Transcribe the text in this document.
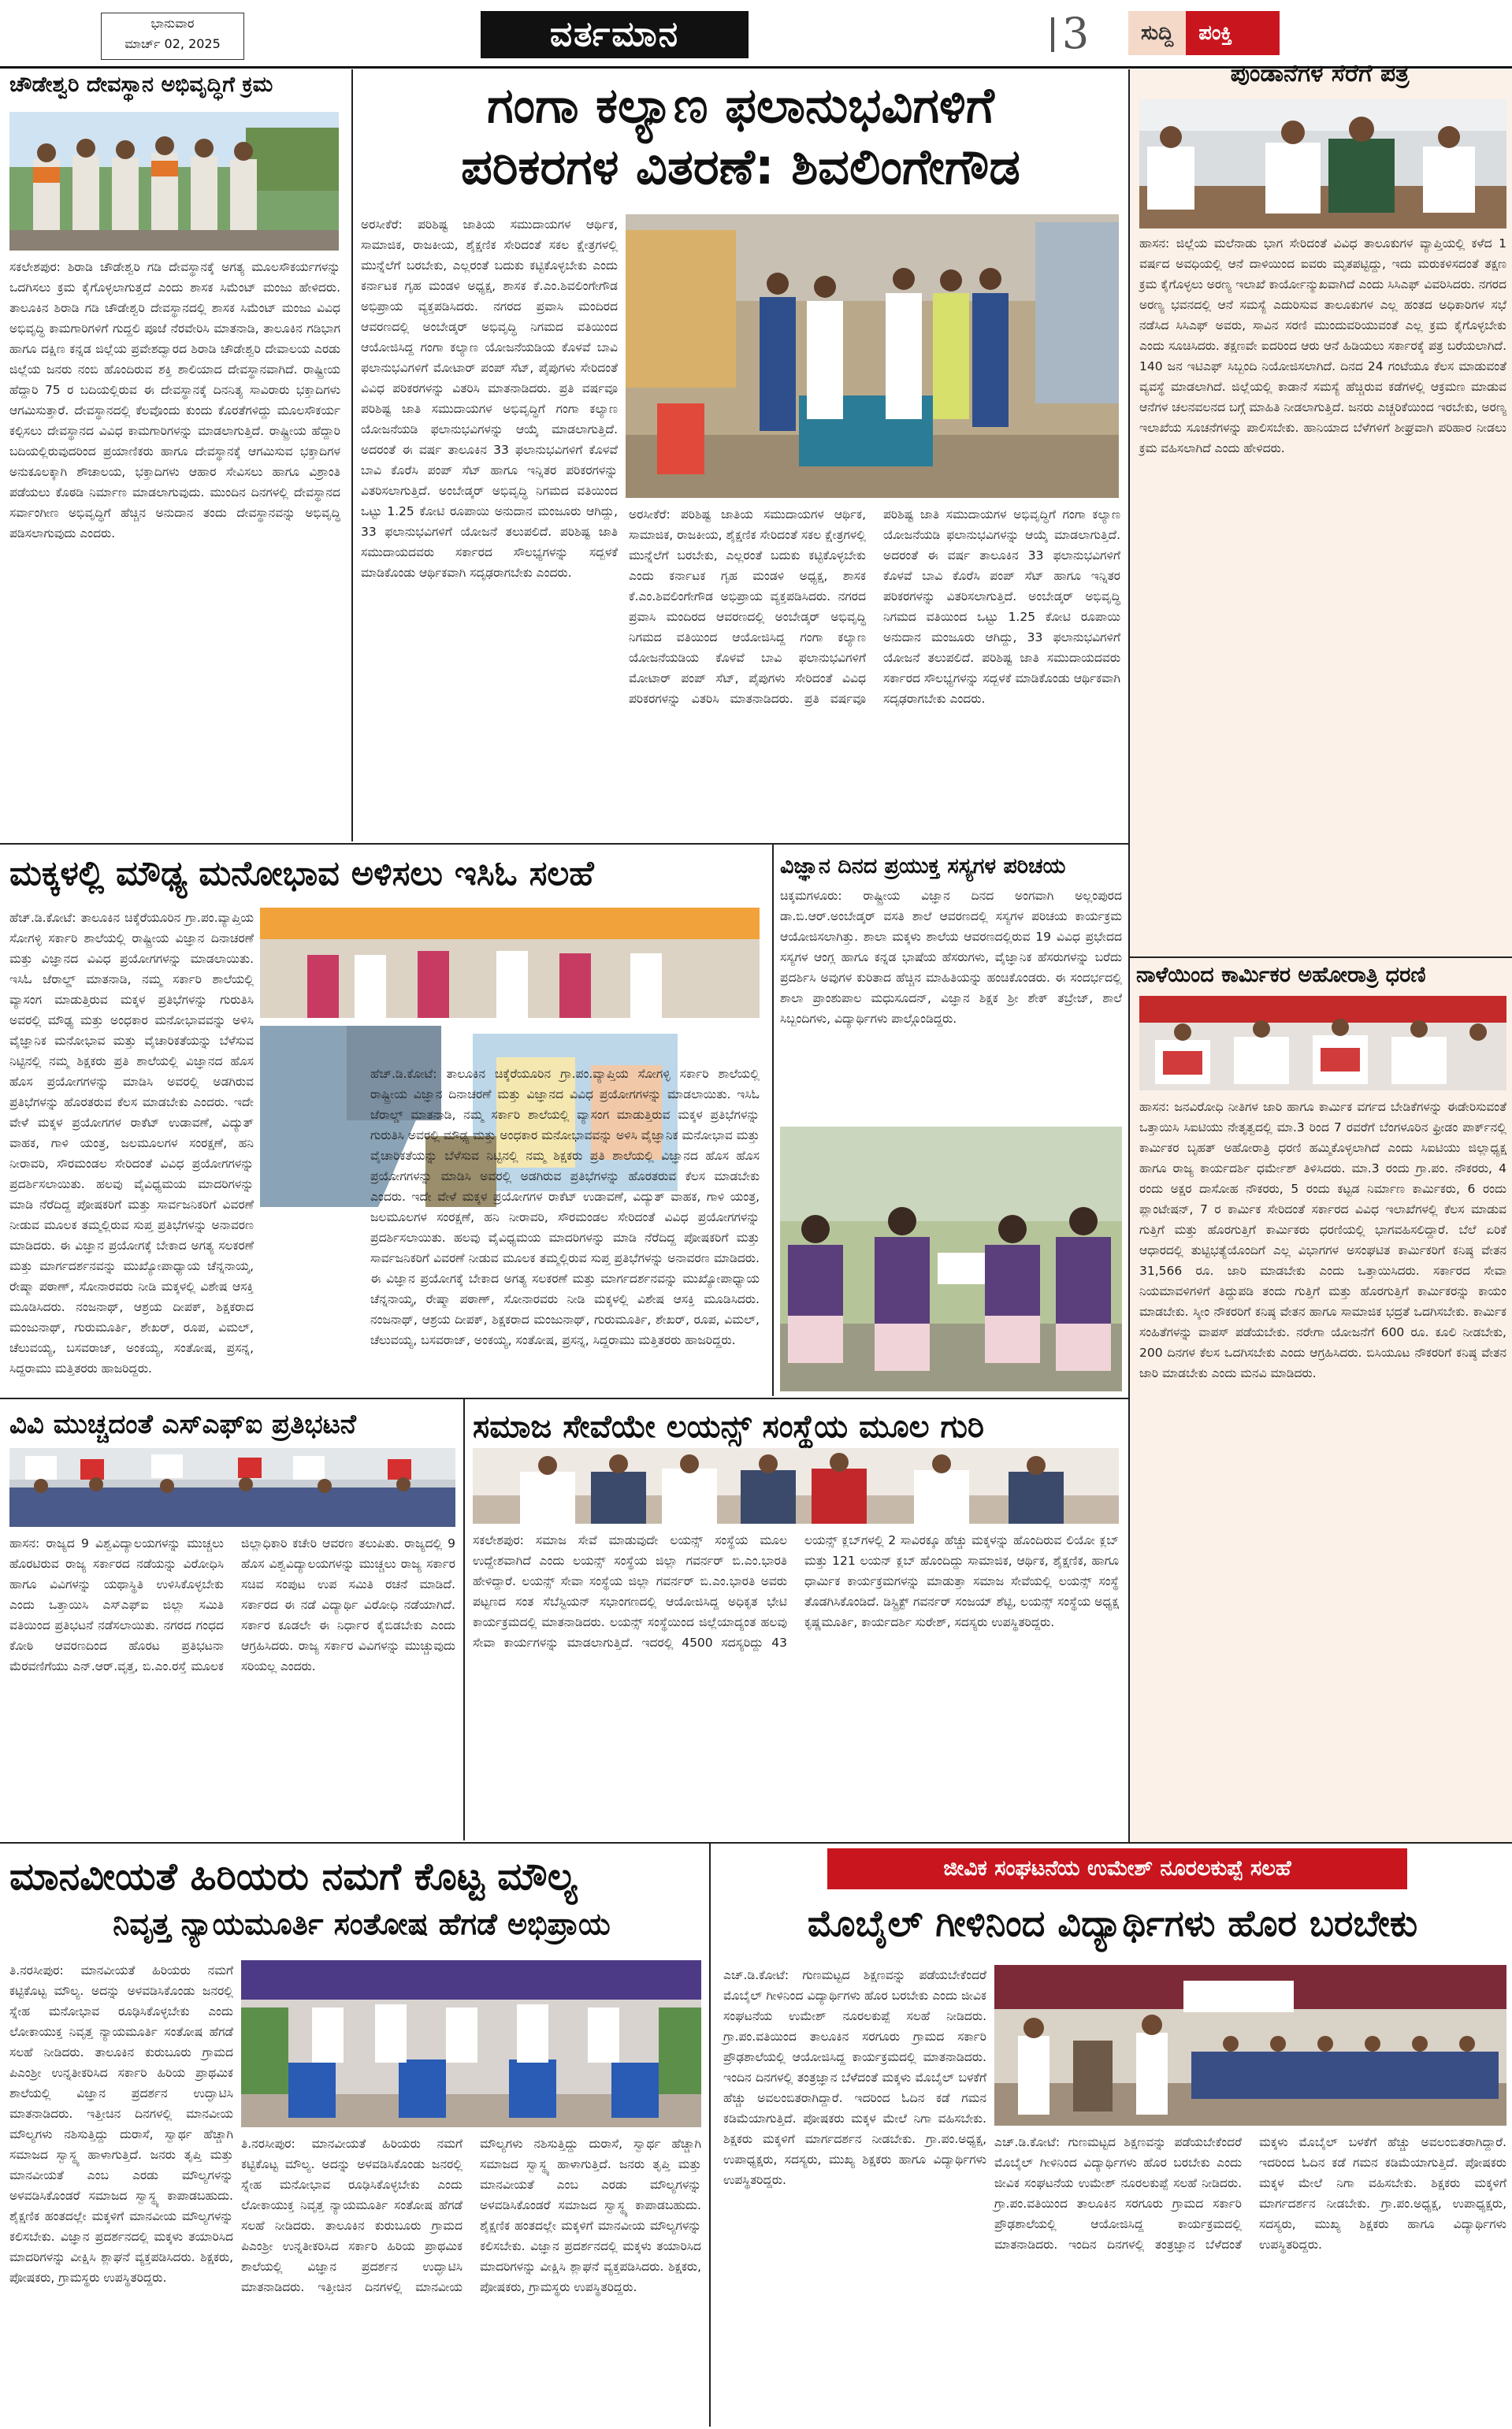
ಭಾನುವಾರ
ಮಾರ್ಚ್ 02, 2025	ವರ್ತಮಾನ	3	ಸುದ್ದಿ	ಪಂಕ್ತಿ
ಚೌಡೇಶ್ವರಿ ದೇವಸ್ಥಾನ ಅಭಿವೃದ್ಧಿಗೆ ಕ್ರಮ
ಸಕಲೇಶಪುರ: ಶಿರಾಡಿ ಚೌಡೇಶ್ವರಿ ಗಡಿ ದೇವಸ್ಥಾನಕ್ಕೆ ಅಗತ್ಯ ಮೂಲಸೌಕರ್ಯಗಳನ್ನು ಒದಗಿಸಲು ಕ್ರಮ ಕೈಗೊಳ್ಳಲಾಗುತ್ತದೆ ಎಂದು ಶಾಸಕ ಸಿಮೆಂಟ್ ಮಂಜು ಹೇಳಿದರು. ತಾಲೂಕಿನ ಶಿರಾಡಿ ಗಡಿ ಚೌಡೇಶ್ವರಿ ದೇವಸ್ಥಾನದಲ್ಲಿ ಶಾಸಕ ಸಿಮೆಂಟ್ ಮಂಜು ವಿವಿಧ ಅಭಿವೃದ್ಧಿ ಕಾಮಗಾರಿಗಳಿಗೆ ಗುದ್ದಲಿ ಪೂಜೆ ನೆರವೇರಿಸಿ ಮಾತನಾಡಿ, ತಾಲೂಕಿನ ಗಡಿಭಾಗ ಹಾಗೂ ದಕ್ಷಿಣ ಕನ್ನಡ ಜಿಲ್ಲೆಯ ಪ್ರವೇಶದ್ವಾರದ ಶಿರಾಡಿ ಚೌಡೇಶ್ವರಿ ದೇವಾಲಯ ಎರಡು ಜಿಲ್ಲೆಯ ಜನರು ನಂಬಿ ಹೊಂದಿರುವ ಶಕ್ತಿ ಶಾಲಿಯಾದ ದೇವಸ್ಥಾನವಾಗಿದೆ. ರಾಷ್ಟ್ರೀಯ ಹೆದ್ದಾರಿ 75 ರ ಬದಿಯಲ್ಲಿರುವ ಈ ದೇವಸ್ಥಾನಕ್ಕೆ ದಿನನಿತ್ಯ ಸಾವಿರಾರು ಭಕ್ತಾದಿಗಳು ಆಗಮಿಸುತ್ತಾರೆ. ದೇವಸ್ಥಾನದಲ್ಲಿ ಕೆಲವೊಂದು ಕುಂದು ಕೊರತೆಗಳಿದ್ದು ಮೂಲಸೌಕರ್ಯ ಕಲ್ಪಿಸಲು ದೇವಸ್ಥಾನದ ವಿವಿಧ ಕಾಮಗಾರಿಗಳನ್ನು ಮಾಡಲಾಗುತ್ತಿದೆ. ರಾಷ್ಟ್ರೀಯ ಹೆದ್ದಾರಿ ಬದಿಯಲ್ಲಿರುವುದರಿಂದ ಪ್ರಯಾಣಿಕರು ಹಾಗೂ ದೇವಸ್ಥಾನಕ್ಕೆ ಆಗಮಿಸುವ ಭಕ್ತಾದಿಗಳ ಅನುಕೂಲಕ್ಕಾಗಿ ಶೌಚಾಲಯ, ಭಕ್ತಾದಿಗಳು ಆಹಾರ ಸೇವಿಸಲು ಹಾಗೂ ವಿಶ್ರಾಂತಿ ಪಡೆಯಲು ಕೊಠಡಿ ನಿರ್ಮಾಣ ಮಾಡಲಾಗುವುದು. ಮುಂದಿನ ದಿನಗಳಲ್ಲಿ ದೇವಸ್ಥಾನದ ಸರ್ವಾಂಗೀಣ ಅಭಿವೃದ್ಧಿಗೆ ಹೆಚ್ಚಿನ ಅನುದಾನ ತಂದು ದೇವಸ್ಥಾನವನ್ನು ಅಭಿವೃದ್ಧಿ ಪಡಿಸಲಾಗುವುದು ಎಂದರು.
ಗಂಗಾ ಕಲ್ಯಾಣ ಫಲಾನುಭವಿಗಳಿಗೆ
ಪರಿಕರಗಳ ವಿತರಣೆ: ಶಿವಲಿಂಗೇಗೌಡ
ಅರಸೀಕೆರೆ: ಪರಿಶಿಷ್ಟ ಜಾತಿಯ ಸಮುದಾಯಗಳ ಆರ್ಥಿಕ, ಸಾಮಾಜಿಕ, ರಾಜಕೀಯ, ಶೈಕ್ಷಣಿಕ ಸೇರಿದಂತೆ ಸಕಲ ಕ್ಷೇತ್ರಗಳಲ್ಲಿ ಮುನ್ನೆಲೆಗೆ ಬರಬೇಕು, ಎಲ್ಲರಂತೆ ಬದುಕು ಕಟ್ಟಿಕೊಳ್ಳಬೇಕು ಎಂದು ಕರ್ನಾಟಕ ಗೃಹ ಮಂಡಳಿ ಅಧ್ಯಕ್ಷ, ಶಾಸಕ ಕೆ.ಎಂ.ಶಿವಲಿಂಗೇಗೌಡ ಅಭಿಪ್ರಾಯ ವ್ಯಕ್ತಪಡಿಸಿದರು. ನಗರದ ಪ್ರವಾಸಿ ಮಂದಿರದ ಆವರಣದಲ್ಲಿ ಅಂಬೇಡ್ಕರ್ ಅಭಿವೃದ್ಧಿ ನಿಗಮದ ವತಿಯಿಂದ ಆಯೋಜಿಸಿದ್ದ ಗಂಗಾ ಕಲ್ಯಾಣ ಯೋಜನೆಯಡಿಯ ಕೊಳವೆ ಬಾವಿ ಫಲಾನುಭವಿಗಳಿಗೆ ಮೋಟಾರ್ ಪಂಪ್ ಸೆಟ್, ಪೈಪುಗಳು ಸೇರಿದಂತೆ ವಿವಿಧ ಪರಿಕರಗಳನ್ನು ವಿತರಿಸಿ ಮಾತನಾಡಿದರು. ಪ್ರತಿ ವರ್ಷವೂ ಪರಿಶಿಷ್ಟ ಜಾತಿ ಸಮುದಾಯಗಳ ಅಭಿವೃದ್ಧಿಗೆ ಗಂಗಾ ಕಲ್ಯಾಣ ಯೋಜನೆಯಡಿ ಫಲಾನುಭವಿಗಳನ್ನು ಆಯ್ಕೆ ಮಾಡಲಾಗುತ್ತಿದೆ. ಅದರಂತೆ ಈ ವರ್ಷ ತಾಲೂಕಿನ 33 ಫಲಾನುಭವಿಗಳಿಗೆ ಕೊಳವೆ ಬಾವಿ ಕೊರೆಸಿ ಪಂಪ್ ಸೆಟ್ ಹಾಗೂ ಇನ್ನಿತರ ಪರಿಕರಗಳನ್ನು ವಿತರಿಸಲಾಗುತ್ತಿದೆ. ಅಂಬೇಡ್ಕರ್ ಅಭಿವೃದ್ಧಿ ನಿಗಮದ ವತಿಯಿಂದ ಒಟ್ಟು 1.25 ಕೋಟಿ ರೂಪಾಯಿ ಅನುದಾನ ಮಂಜೂರು ಆಗಿದ್ದು, 33 ಫಲಾನುಭವಿಗಳಿಗೆ ಯೋಜನೆ ತಲುಪಲಿದೆ. ಪರಿಶಿಷ್ಟ ಜಾತಿ ಸಮುದಾಯದವರು ಸರ್ಕಾರದ ಸೌಲಭ್ಯಗಳನ್ನು ಸದ್ಬಳಕೆ ಮಾಡಿಕೊಂಡು ಆರ್ಥಿಕವಾಗಿ ಸದೃಢರಾಗಬೇಕು ಎಂದರು.
ಅರಸೀಕೆರೆ: ಪರಿಶಿಷ್ಟ ಜಾತಿಯ ಸಮುದಾಯಗಳ ಆರ್ಥಿಕ, ಸಾಮಾಜಿಕ, ರಾಜಕೀಯ, ಶೈಕ್ಷಣಿಕ ಸೇರಿದಂತೆ ಸಕಲ ಕ್ಷೇತ್ರಗಳಲ್ಲಿ ಮುನ್ನೆಲೆಗೆ ಬರಬೇಕು, ಎಲ್ಲರಂತೆ ಬದುಕು ಕಟ್ಟಿಕೊಳ್ಳಬೇಕು ಎಂದು ಕರ್ನಾಟಕ ಗೃಹ ಮಂಡಳಿ ಅಧ್ಯಕ್ಷ, ಶಾಸಕ ಕೆ.ಎಂ.ಶಿವಲಿಂಗೇಗೌಡ ಅಭಿಪ್ರಾಯ ವ್ಯಕ್ತಪಡಿಸಿದರು. ನಗರದ ಪ್ರವಾಸಿ ಮಂದಿರದ ಆವರಣದಲ್ಲಿ ಅಂಬೇಡ್ಕರ್ ಅಭಿವೃದ್ಧಿ ನಿಗಮದ ವತಿಯಿಂದ ಆಯೋಜಿಸಿದ್ದ ಗಂಗಾ ಕಲ್ಯಾಣ ಯೋಜನೆಯಡಿಯ ಕೊಳವೆ ಬಾವಿ ಫಲಾನುಭವಿಗಳಿಗೆ ಮೋಟಾರ್ ಪಂಪ್ ಸೆಟ್, ಪೈಪುಗಳು ಸೇರಿದಂತೆ ವಿವಿಧ ಪರಿಕರಗಳನ್ನು ವಿತರಿಸಿ ಮಾತನಾಡಿದರು. ಪ್ರತಿ ವರ್ಷವೂ ಪರಿಶಿಷ್ಟ ಜಾತಿ ಸಮುದಾಯಗಳ ಅಭಿವೃದ್ಧಿಗೆ ಗಂಗಾ ಕಲ್ಯಾಣ ಯೋಜನೆಯಡಿ ಫಲಾನುಭವಿಗಳನ್ನು ಆಯ್ಕೆ ಮಾಡಲಾಗುತ್ತಿದೆ. ಅದರಂತೆ ಈ ವರ್ಷ ತಾಲೂಕಿನ 33 ಫಲಾನುಭವಿಗಳಿಗೆ ಕೊಳವೆ ಬಾವಿ ಕೊರೆಸಿ ಪಂಪ್ ಸೆಟ್ ಹಾಗೂ ಇನ್ನಿತರ ಪರಿಕರಗಳನ್ನು ವಿತರಿಸಲಾಗುತ್ತಿದೆ. ಅಂಬೇಡ್ಕರ್ ಅಭಿವೃದ್ಧಿ ನಿಗಮದ ವತಿಯಿಂದ ಒಟ್ಟು 1.25 ಕೋಟಿ ರೂಪಾಯಿ ಅನುದಾನ ಮಂಜೂರು ಆಗಿದ್ದು, 33 ಫಲಾನುಭವಿಗಳಿಗೆ ಯೋಜನೆ ತಲುಪಲಿದೆ. ಪರಿಶಿಷ್ಟ ಜಾತಿ ಸಮುದಾಯದವರು ಸರ್ಕಾರದ ಸೌಲಭ್ಯಗಳನ್ನು ಸದ್ಬಳಕೆ ಮಾಡಿಕೊಂಡು ಆರ್ಥಿಕವಾಗಿ ಸದೃಢರಾಗಬೇಕು ಎಂದರು.
ಪುಂಡಾನೆಗಳ ಸೆರೆಗೆ ಪತ್ರ
ಹಾಸನ: ಜಿಲ್ಲೆಯ ಮಲೆನಾಡು ಭಾಗ ಸೇರಿದಂತೆ ವಿವಿಧ ತಾಲೂಕುಗಳ ವ್ಯಾಪ್ತಿಯಲ್ಲಿ ಕಳೆದ 1 ವರ್ಷದ ಅವಧಿಯಲ್ಲಿ ಆನೆ ದಾಳಿಯಿಂದ ಐವರು ಮೃತಪಟ್ಟಿದ್ದು, ಇದು ಮರುಕಳಿಸದಂತೆ ತಕ್ಷಣ ಕ್ರಮ ಕೈಗೊಳ್ಳಲು ಅರಣ್ಯ ಇಲಾಖೆ ಕಾರ್ಯೋನ್ಮುಖವಾಗಿದೆ ಎಂದು ಸಿಸಿಎಫ್ ವಿವರಿಸಿದರು. ನಗರದ ಅರಣ್ಯ ಭವನದಲ್ಲಿ ಆನೆ ಸಮಸ್ಯೆ ಎದುರಿಸುವ ತಾಲೂಕುಗಳ ಎಲ್ಲ ಹಂತದ ಅಧಿಕಾರಿಗಳ ಸಭೆ ನಡೆಸಿದ ಸಿಸಿಎಫ್ ಅವರು, ಸಾವಿನ ಸರಣಿ ಮುಂದುವರಿಯುವಂತೆ ಎಲ್ಲ ಕ್ರಮ ಕೈಗೊಳ್ಳಬೇಕು ಎಂದು ಸೂಚಿಸಿದರು. ತಕ್ಷಣವೇ ಐದರಿಂದ ಆರು ಆನೆ ಹಿಡಿಯಲು ಸರ್ಕಾರಕ್ಕೆ ಪತ್ರ ಬರೆಯಲಾಗಿದೆ. 140 ಜನ ಇಟಿಎಫ್ ಸಿಬ್ಬಂದಿ ನಿಯೋಜಿಸಲಾಗಿದೆ. ದಿನದ 24 ಗಂಟೆಯೂ ಕೆಲಸ ಮಾಡುವಂತೆ ವ್ಯವಸ್ಥೆ ಮಾಡಲಾಗಿದೆ. ಜಿಲ್ಲೆಯಲ್ಲಿ ಕಾಡಾನೆ ಸಮಸ್ಯೆ ಹೆಚ್ಚಿರುವ ಕಡೆಗಳಲ್ಲಿ ಆಕ್ರಮಣ ಮಾಡುವ ಆನೆಗಳ ಚಲನವಲನದ ಬಗ್ಗೆ ಮಾಹಿತಿ ನೀಡಲಾಗುತ್ತಿದೆ. ಜನರು ಎಚ್ಚರಿಕೆಯಿಂದ ಇರಬೇಕು, ಅರಣ್ಯ ಇಲಾಖೆಯ ಸೂಚನೆಗಳನ್ನು ಪಾಲಿಸಬೇಕು. ಹಾನಿಯಾದ ಬೆಳೆಗಳಿಗೆ ಶೀಘ್ರವಾಗಿ ಪರಿಹಾರ ನೀಡಲು ಕ್ರಮ ವಹಿಸಲಾಗಿದೆ ಎಂದು ಹೇಳಿದರು.
ನಾಳೆಯಿಂದ ಕಾರ್ಮಿಕರ ಅಹೋರಾತ್ರಿ ಧರಣಿ
ಹಾಸನ: ಜನವಿರೋಧಿ ನೀತಿಗಳ ಜಾರಿ ಹಾಗೂ ಕಾರ್ಮಿಕ ವರ್ಗದ ಬೇಡಿಕೆಗಳನ್ನು ಈಡೇರಿಸುವಂತೆ ಒತ್ತಾಯಿಸಿ ಸಿಐಟಿಯು ನೇತೃತ್ವದಲ್ಲಿ ಮಾ.3 ರಿಂದ 7 ರವರೆಗೆ ಬೆಂಗಳೂರಿನ ಫ್ರೀಡಂ ಪಾರ್ಕ್‌ನಲ್ಲಿ ಕಾರ್ಮಿಕರ ಬೃಹತ್ ಅಹೋರಾತ್ರಿ ಧರಣಿ ಹಮ್ಮಿಕೊಳ್ಳಲಾಗಿದೆ ಎಂದು ಸಿಐಟಿಯು ಜಿಲ್ಲಾಧ್ಯಕ್ಷ ಹಾಗೂ ರಾಜ್ಯ ಕಾರ್ಯದರ್ಶಿ ಧರ್ಮೇಶ್ ತಿಳಿಸಿದರು. ಮಾ.3 ರಂದು ಗ್ರಾ.ಪಂ. ನೌಕರರು, 4 ರಂದು ಅಕ್ಷರ ದಾಸೋಹ ನೌಕರರು, 5 ರಂದು ಕಟ್ಟಡ ನಿರ್ಮಾಣ ಕಾರ್ಮಿಕರು, 6 ರಂದು ಪ್ಲಾಂಟೇಷನ್, 7 ರ ಕಾರ್ಮಿಕ ಸೇರಿದಂತೆ ಸರ್ಕಾರದ ವಿವಿಧ ಇಲಾಖೆಗಳಲ್ಲಿ ಕೆಲಸ ಮಾಡುವ ಗುತ್ತಿಗೆ ಮತ್ತು ಹೊರಗುತ್ತಿಗೆ ಕಾರ್ಮಿಕರು ಧರಣಿಯಲ್ಲಿ ಭಾಗವಹಿಸಲಿದ್ದಾರೆ. ಬೆಲೆ ಏರಿಕೆ ಆಧಾರದಲ್ಲಿ ತುಟ್ಟಿಭತ್ಯೆಯೊಂದಿಗೆ ಎಲ್ಲ ವಿಭಾಗಗಳ ಅಸಂಘಟಿತ ಕಾರ್ಮಿಕರಿಗೆ ಕನಿಷ್ಠ ವೇತನ 31,566 ರೂ. ಜಾರಿ ಮಾಡಬೇಕು ಎಂದು ಒತ್ತಾಯಿಸಿದರು. ಸರ್ಕಾರದ ಸೇವಾ ನಿಯಮಾವಳಿಗಳಿಗೆ ತಿದ್ದುಪಡಿ ತಂದು ಗುತ್ತಿಗೆ ಮತ್ತು ಹೊರಗುತ್ತಿಗೆ ಕಾರ್ಮಿಕರನ್ನು ಕಾಯಂ ಮಾಡಬೇಕು. ಸ್ಕೀಂ ನೌಕರರಿಗೆ ಕನಿಷ್ಠ ವೇತನ ಹಾಗೂ ಸಾಮಾಜಿಕ ಭದ್ರತೆ ಒದಗಿಸಬೇಕು. ಕಾರ್ಮಿಕ ಸಂಹಿತೆಗಳನ್ನು ವಾಪಸ್ ಪಡೆಯಬೇಕು. ನರೇಗಾ ಯೋಜನೆಗೆ 600 ರೂ. ಕೂಲಿ ನೀಡಬೇಕು, 200 ದಿನಗಳ ಕೆಲಸ ಒದಗಿಸಬೇಕು ಎಂದು ಆಗ್ರಹಿಸಿದರು. ಬಿಸಿಯೂಟ ನೌಕರರಿಗೆ ಕನಿಷ್ಠ ವೇತನ ಜಾರಿ ಮಾಡಬೇಕು ಎಂದು ಮನವಿ ಮಾಡಿದರು.
ಮಕ್ಕಳಲ್ಲಿ ಮೌಢ್ಯ ಮನೋಭಾವ ಅಳಿಸಲು ಇಸಿಓ ಸಲಹೆ
ಹೆಚ್.ಡಿ.ಕೋಟೆ: ತಾಲೂಕಿನ ಚಿಕ್ಕೆರೆಯೂರಿನ ಗ್ರಾ.ಪಂ.ವ್ಯಾಪ್ತಿಯ ಸೋಗಳ್ಳಿ ಸರ್ಕಾರಿ ಶಾಲೆಯಲ್ಲಿ ರಾಷ್ಟ್ರೀಯ ವಿಜ್ಞಾನ ದಿನಾಚರಣೆ ಮತ್ತು ವಿಜ್ಞಾನದ ವಿವಿಧ ಪ್ರಯೋಗಗಳನ್ನು ಮಾಡಲಾಯಿತು. ಇಸಿಓ ಜೆರಾಲ್ಡ್ ಮಾತನಾಡಿ, ನಮ್ಮ ಸರ್ಕಾರಿ ಶಾಲೆಯಲ್ಲಿ ವ್ಯಾಸಂಗ ಮಾಡುತ್ತಿರುವ ಮಕ್ಕಳ ಪ್ರತಿಭೆಗಳನ್ನು ಗುರುತಿಸಿ ಅವರಲ್ಲಿ ಮೌಢ್ಯ ಮತ್ತು ಅಂಧಕಾರ ಮನೋಭಾವವನ್ನು ಅಳಿಸಿ ವೈಜ್ಞಾನಿಕ ಮನೋಭಾವ ಮತ್ತು ವೈಚಾರಿಕತೆಯನ್ನು ಬೆಳೆಸುವ ನಿಟ್ಟಿನಲ್ಲಿ ನಮ್ಮ ಶಿಕ್ಷಕರು ಪ್ರತಿ ಶಾಲೆಯಲ್ಲಿ ವಿಜ್ಞಾನದ ಹೊಸ ಹೊಸ ಪ್ರಯೋಗಗಳನ್ನು ಮಾಡಿಸಿ ಅವರಲ್ಲಿ ಅಡಗಿರುವ ಪ್ರತಿಭೆಗಳನ್ನು ಹೊರತರುವ ಕೆಲಸ ಮಾಡಬೇಕು ಎಂದರು. ಇದೇ ವೇಳೆ ಮಕ್ಕಳ ಪ್ರಯೋಗಗಳ ರಾಕೆಟ್ ಉಡಾವಣೆ, ವಿದ್ಯುತ್ ವಾಹಕ, ಗಾಳಿ ಯಂತ್ರ, ಜಲಮೂಲಗಳ ಸಂರಕ್ಷಣೆ, ಹನಿ ನೀರಾವರಿ, ಸೌರಮಂಡಲ ಸೇರಿದಂತೆ ವಿವಿಧ ಪ್ರಯೋಗಗಳನ್ನು ಪ್ರದರ್ಶಿಸಲಾಯಿತು. ಹಲವು ವೈವಿಧ್ಯಮಯ ಮಾದರಿಗಳನ್ನು ಮಾಡಿ ನೆರೆದಿದ್ದ ಪೋಷಕರಿಗೆ ಮತ್ತು ಸಾರ್ವಜನಿಕರಿಗೆ ವಿವರಣೆ ನೀಡುವ ಮೂಲಕ ತಮ್ಮಲ್ಲಿರುವ ಸುಪ್ತ ಪ್ರತಿಭೆಗಳನ್ನು ಅನಾವರಣ ಮಾಡಿದರು. ಈ ವಿಜ್ಞಾನ ಪ್ರಯೋಗಕ್ಕೆ ಬೇಕಾದ ಅಗತ್ಯ ಸಲಕರಣೆ ಮತ್ತು ಮಾರ್ಗದರ್ಶನವನ್ನು ಮುಖ್ಯೋಪಾಧ್ಯಾಯ ಚೆನ್ನನಾಯ್ಕ, ರೇಷ್ಮಾ ಪಠಾಣ್, ಸೋನಾರವರು ನೀಡಿ ಮಕ್ಕಳಲ್ಲಿ ವಿಶೇಷ ಆಸಕ್ತಿ ಮೂಡಿಸಿದರು. ನಂಜನಾಥ್, ಆಶ್ರಯ ದೀಪಕ್, ಶಿಕ್ಷಕರಾದ ಮಂಜುನಾಥ್, ಗುರುಮೂರ್ತಿ, ಶೇಖರ್, ರೂಪ, ವಿಮಲ್, ಚೆಲುವಯ್ಯ, ಬಸವರಾಜ್, ಅಂಕಯ್ಯ, ಸಂತೋಷ, ಪ್ರಸನ್ನ, ಸಿದ್ದರಾಮು ಮತ್ತಿತರರು ಹಾಜರಿದ್ದರು.
ಹೆಚ್.ಡಿ.ಕೋಟೆ: ತಾಲೂಕಿನ ಚಿಕ್ಕೆರೆಯೂರಿನ ಗ್ರಾ.ಪಂ.ವ್ಯಾಪ್ತಿಯ ಸೋಗಳ್ಳಿ ಸರ್ಕಾರಿ ಶಾಲೆಯಲ್ಲಿ ರಾಷ್ಟ್ರೀಯ ವಿಜ್ಞಾನ ದಿನಾಚರಣೆ ಮತ್ತು ವಿಜ್ಞಾನದ ವಿವಿಧ ಪ್ರಯೋಗಗಳನ್ನು ಮಾಡಲಾಯಿತು. ಇಸಿಓ ಜೆರಾಲ್ಡ್ ಮಾತನಾಡಿ, ನಮ್ಮ ಸರ್ಕಾರಿ ಶಾಲೆಯಲ್ಲಿ ವ್ಯಾಸಂಗ ಮಾಡುತ್ತಿರುವ ಮಕ್ಕಳ ಪ್ರತಿಭೆಗಳನ್ನು ಗುರುತಿಸಿ ಅವರಲ್ಲಿ ಮೌಢ್ಯ ಮತ್ತು ಅಂಧಕಾರ ಮನೋಭಾವವನ್ನು ಅಳಿಸಿ ವೈಜ್ಞಾನಿಕ ಮನೋಭಾವ ಮತ್ತು ವೈಚಾರಿಕತೆಯನ್ನು ಬೆಳೆಸುವ ನಿಟ್ಟಿನಲ್ಲಿ ನಮ್ಮ ಶಿಕ್ಷಕರು ಪ್ರತಿ ಶಾಲೆಯಲ್ಲಿ ವಿಜ್ಞಾನದ ಹೊಸ ಹೊಸ ಪ್ರಯೋಗಗಳನ್ನು ಮಾಡಿಸಿ ಅವರಲ್ಲಿ ಅಡಗಿರುವ ಪ್ರತಿಭೆಗಳನ್ನು ಹೊರತರುವ ಕೆಲಸ ಮಾಡಬೇಕು ಎಂದರು. ಇದೇ ವೇಳೆ ಮಕ್ಕಳ ಪ್ರಯೋಗಗಳ ರಾಕೆಟ್ ಉಡಾವಣೆ, ವಿದ್ಯುತ್ ವಾಹಕ, ಗಾಳಿ ಯಂತ್ರ, ಜಲಮೂಲಗಳ ಸಂರಕ್ಷಣೆ, ಹನಿ ನೀರಾವರಿ, ಸೌರಮಂಡಲ ಸೇರಿದಂತೆ ವಿವಿಧ ಪ್ರಯೋಗಗಳನ್ನು ಪ್ರದರ್ಶಿಸಲಾಯಿತು. ಹಲವು ವೈವಿಧ್ಯಮಯ ಮಾದರಿಗಳನ್ನು ಮಾಡಿ ನೆರೆದಿದ್ದ ಪೋಷಕರಿಗೆ ಮತ್ತು ಸಾರ್ವಜನಿಕರಿಗೆ ವಿವರಣೆ ನೀಡುವ ಮೂಲಕ ತಮ್ಮಲ್ಲಿರುವ ಸುಪ್ತ ಪ್ರತಿಭೆಗಳನ್ನು ಅನಾವರಣ ಮಾಡಿದರು. ಈ ವಿಜ್ಞಾನ ಪ್ರಯೋಗಕ್ಕೆ ಬೇಕಾದ ಅಗತ್ಯ ಸಲಕರಣೆ ಮತ್ತು ಮಾರ್ಗದರ್ಶನವನ್ನು ಮುಖ್ಯೋಪಾಧ್ಯಾಯ ಚೆನ್ನನಾಯ್ಕ, ರೇಷ್ಮಾ ಪಠಾಣ್, ಸೋನಾರವರು ನೀಡಿ ಮಕ್ಕಳಲ್ಲಿ ವಿಶೇಷ ಆಸಕ್ತಿ ಮೂಡಿಸಿದರು. ನಂಜನಾಥ್, ಆಶ್ರಯ ದೀಪಕ್, ಶಿಕ್ಷಕರಾದ ಮಂಜುನಾಥ್, ಗುರುಮೂರ್ತಿ, ಶೇಖರ್, ರೂಪ, ವಿಮಲ್, ಚೆಲುವಯ್ಯ, ಬಸವರಾಜ್, ಅಂಕಯ್ಯ, ಸಂತೋಷ, ಪ್ರಸನ್ನ, ಸಿದ್ದರಾಮು ಮತ್ತಿತರರು ಹಾಜರಿದ್ದರು.
ವಿಜ್ಞಾನ ದಿನದ ಪ್ರಯುಕ್ತ ಸಸ್ಯಗಳ ಪರಿಚಯ
ಚಿಕ್ಕಮಗಳೂರು: ರಾಷ್ಟ್ರೀಯ ವಿಜ್ಞಾನ ದಿನದ ಅಂಗವಾಗಿ ಅಲ್ಲಂಪುರದ ಡಾ.ಬಿ.ಆರ್.ಅಂಬೇಡ್ಕರ್ ವಸತಿ ಶಾಲೆ ಆವರಣದಲ್ಲಿ ಸಸ್ಯಗಳ ಪರಿಚಯ ಕಾರ್ಯಕ್ರಮ ಆಯೋಜಿಸಲಾಗಿತ್ತು. ಶಾಲಾ ಮಕ್ಕಳು ಶಾಲೆಯ ಆವರಣದಲ್ಲಿರುವ 19 ವಿವಿಧ ಪ್ರಭೇದದ ಸಸ್ಯಗಳ ಆಂಗ್ಲ ಹಾಗೂ ಕನ್ನಡ ಭಾಷೆಯ ಹೆಸರುಗಳು, ವೈಜ್ಞಾನಿಕ ಹೆಸರುಗಳನ್ನು ಬರೆದು ಪ್ರದರ್ಶಿಸಿ ಅವುಗಳ ಕುರಿತಾದ ಹೆಚ್ಚಿನ ಮಾಹಿತಿಯನ್ನು ಹಂಚಿಕೊಂಡರು. ಈ ಸಂದರ್ಭದಲ್ಲಿ ಶಾಲಾ ಪ್ರಾಂಶುಪಾಲ ಮಧುಸೂದನ್, ವಿಜ್ಞಾನ ಶಿಕ್ಷಕ ಶ್ರೀ ಶೇಕ್ ತಬ್ರೇಜ್, ಶಾಲೆ ಸಿಬ್ಬಂದಿಗಳು, ವಿದ್ಯಾರ್ಥಿಗಳು ಪಾಲ್ಗೊಂಡಿದ್ದರು.
ವಿವಿ ಮುಚ್ಚದಂತೆ ಎಸ್‌ಎಫ್‌ಐ ಪ್ರತಿಭಟನೆ
ಹಾಸನ: ರಾಜ್ಯದ 9 ವಿಶ್ವವಿದ್ಯಾಲಯಗಳನ್ನು ಮುಚ್ಚಲು ಹೊರಟಿರುವ ರಾಜ್ಯ ಸರ್ಕಾರದ ನಡೆಯನ್ನು ವಿರೋಧಿಸಿ ಹಾಗೂ ವಿವಿಗಳನ್ನು ಯಥಾಸ್ಥಿತಿ ಉಳಿಸಿಕೊಳ್ಳಬೇಕು ಎಂದು ಒತ್ತಾಯಿಸಿ ಎಸ್‌ಎಫ್‌ಐ ಜಿಲ್ಲಾ ಸಮಿತಿ ವತಿಯಿಂದ ಪ್ರತಿಭಟನೆ ನಡೆಸಲಾಯಿತು. ನಗರದ ಗಂಧದ ಕೋಠಿ ಆವರಣದಿಂದ ಹೊರಟ ಪ್ರತಿಭಟನಾ ಮೆರವಣಿಗೆಯು ಎನ್.ಆರ್.ವೃತ್ತ, ಬಿ.ಎಂ.ರಸ್ತೆ ಮೂಲಕ ಜಿಲ್ಲಾಧಿಕಾರಿ ಕಚೇರಿ ಆವರಣ ತಲುಪಿತು. ರಾಜ್ಯದಲ್ಲಿ 9 ಹೊಸ ವಿಶ್ವವಿದ್ಯಾಲಯಗಳನ್ನು ಮುಚ್ಚಲು ರಾಜ್ಯ ಸರ್ಕಾರ ಸಚಿವ ಸಂಪುಟ ಉಪ ಸಮಿತಿ ರಚನೆ ಮಾಡಿದೆ. ಸರ್ಕಾರದ ಈ ನಡೆ ವಿದ್ಯಾರ್ಥಿ ವಿರೋಧಿ ನಡೆಯಾಗಿದೆ. ಸರ್ಕಾರ ಕೂಡಲೇ ಈ ನಿರ್ಧಾರ ಕೈಬಿಡಬೇಕು ಎಂದು ಆಗ್ರಹಿಸಿದರು. ರಾಜ್ಯ ಸರ್ಕಾರ ವಿವಿಗಳನ್ನು ಮುಚ್ಚುವುದು ಸರಿಯಲ್ಲ ಎಂದರು.
ಸಮಾಜ ಸೇವೆಯೇ ಲಯನ್ಸ್ ಸಂಸ್ಥೆಯ ಮೂಲ ಗುರಿ
ಸಕಲೇಶಪುರ: ಸಮಾಜ ಸೇವೆ ಮಾಡುವುದೇ ಲಯನ್ಸ್ ಸಂಸ್ಥೆಯ ಮೂಲ ಉದ್ದೇಶವಾಗಿದೆ ಎಂದು ಲಯನ್ಸ್ ಸಂಸ್ಥೆಯ ಜಿಲ್ಲಾ ಗವರ್ನರ್ ಬಿ.ಎಂ.ಭಾರತಿ ಹೇಳಿದ್ದಾರೆ. ಲಯನ್ಸ್ ಸೇವಾ ಸಂಸ್ಥೆಯ ಜಿಲ್ಲಾ ಗವರ್ನರ್ ಬಿ.ಎಂ.ಭಾರತಿ ಅವರು ಪಟ್ಟಣದ ಸಂತ ಸೆಬೆಸ್ಟಿಯನ್ ಸಭಾಂಗಣದಲ್ಲಿ ಆಯೋಜಿಸಿದ್ದ ಅಧಿಕೃತ ಭೇಟಿ ಕಾರ್ಯಕ್ರಮದಲ್ಲಿ ಮಾತನಾಡಿದರು. ಲಯನ್ಸ್ ಸಂಸ್ಥೆಯಿಂದ ಜಿಲ್ಲೆಯಾದ್ಯಂತ ಹಲವು ಸೇವಾ ಕಾರ್ಯಗಳನ್ನು ಮಾಡಲಾಗುತ್ತಿದೆ. ಇದರಲ್ಲಿ 4500 ಸದಸ್ಯರಿದ್ದು 43 ಲಯನ್ಸ್ ಕ್ಲಬ್‌ಗಳಲ್ಲಿ 2 ಸಾವಿರಕ್ಕೂ ಹೆಚ್ಚು ಮಕ್ಕಳನ್ನು ಹೊಂದಿರುವ ಲಿಯೋ ಕ್ಲಬ್ ಮತ್ತು 121 ಲಯನ್ ಕ್ಲಬ್ ಹೊಂದಿದ್ದು ಸಾಮಾಜಿಕ, ಆರ್ಥಿಕ, ಶೈಕ್ಷಣಿಕ, ಹಾಗೂ ಧಾರ್ಮಿಕ ಕಾರ್ಯಕ್ರಮಗಳನ್ನು ಮಾಡುತ್ತಾ ಸಮಾಜ ಸೇವೆಯಲ್ಲಿ ಲಯನ್ಸ್ ಸಂಸ್ಥೆ ತೊಡಗಿಸಿಕೊಂಡಿದೆ. ಡಿಸ್ಟ್ರಿಕ್ಟ್ ಗವರ್ನರ್ ಸಂಜಯ್ ಶೆಟ್ಟಿ, ಲಯನ್ಸ್ ಸಂಸ್ಥೆಯ ಅಧ್ಯಕ್ಷ ಕೃಷ್ಣಮೂರ್ತಿ, ಕಾರ್ಯದರ್ಶಿ ಸುರೇಶ್, ಸದಸ್ಯರು ಉಪಸ್ಥಿತರಿದ್ದರು.
ಮಾನವೀಯತೆ ಹಿರಿಯರು ನಮಗೆ ಕೊಟ್ಟ ಮೌಲ್ಯ
ನಿವೃತ್ತ ನ್ಯಾಯಮೂರ್ತಿ ಸಂತೋಷ ಹೆಗಡೆ ಅಭಿಪ್ರಾಯ
ತಿ.ನರಸೀಪುರ: ಮಾನವೀಯತೆ ಹಿರಿಯರು ನಮಗೆ ಕಟ್ಟಿಕೊಟ್ಟ ಮೌಲ್ಯ. ಅದನ್ನು ಅಳವಡಿಸಿಕೊಂಡು ಜನರಲ್ಲಿ ಸ್ನೇಹ ಮನೋಭಾವ ರೂಢಿಸಿಕೊಳ್ಳಬೇಕು ಎಂದು ಲೋಕಾಯುಕ್ತ ನಿವೃತ್ತ ನ್ಯಾಯಮೂರ್ತಿ ಸಂತೋಷ ಹೆಗಡೆ ಸಲಹೆ ನೀಡಿದರು. ತಾಲೂಕಿನ ಕುರುಬೂರು ಗ್ರಾಮದ ಪಿಎಂಶ್ರೀ ಉನ್ನತೀಕರಿಸಿದ ಸರ್ಕಾರಿ ಹಿರಿಯ ಪ್ರಾಥಮಿಕ ಶಾಲೆಯಲ್ಲಿ ವಿಜ್ಞಾನ ಪ್ರದರ್ಶನ ಉದ್ಘಾಟಿಸಿ ಮಾತನಾಡಿದರು. ಇತ್ತೀಚಿನ ದಿನಗಳಲ್ಲಿ ಮಾನವೀಯ ಮೌಲ್ಯಗಳು ನಶಿಸುತ್ತಿದ್ದು ದುರಾಸೆ, ಸ್ವಾರ್ಥ ಹೆಚ್ಚಾಗಿ ಸಮಾಜದ ಸ್ವಾಸ್ಥ್ಯ ಹಾಳಾಗುತ್ತಿದೆ. ಜನರು ತೃಪ್ತಿ ಮತ್ತು ಮಾನವೀಯತೆ ಎಂಬ ಎರಡು ಮೌಲ್ಯಗಳನ್ನು ಅಳವಡಿಸಿಕೊಂಡರೆ ಸಮಾಜದ ಸ್ವಾಸ್ಥ್ಯ ಕಾಪಾಡಬಹುದು. ಶೈಕ್ಷಣಿಕ ಹಂತದಲ್ಲೇ ಮಕ್ಕಳಿಗೆ ಮಾನವೀಯ ಮೌಲ್ಯಗಳನ್ನು ಕಲಿಸಬೇಕು. ವಿಜ್ಞಾನ ಪ್ರದರ್ಶನದಲ್ಲಿ ಮಕ್ಕಳು ತಯಾರಿಸಿದ ಮಾದರಿಗಳನ್ನು ವೀಕ್ಷಿಸಿ ಶ್ಲಾಘನೆ ವ್ಯಕ್ತಪಡಿಸಿದರು. ಶಿಕ್ಷಕರು, ಪೋಷಕರು, ಗ್ರಾಮಸ್ಥರು ಉಪಸ್ಥಿತರಿದ್ದರು.
ತಿ.ನರಸೀಪುರ: ಮಾನವೀಯತೆ ಹಿರಿಯರು ನಮಗೆ ಕಟ್ಟಿಕೊಟ್ಟ ಮೌಲ್ಯ. ಅದನ್ನು ಅಳವಡಿಸಿಕೊಂಡು ಜನರಲ್ಲಿ ಸ್ನೇಹ ಮನೋಭಾವ ರೂಢಿಸಿಕೊಳ್ಳಬೇಕು ಎಂದು ಲೋಕಾಯುಕ್ತ ನಿವೃತ್ತ ನ್ಯಾಯಮೂರ್ತಿ ಸಂತೋಷ ಹೆಗಡೆ ಸಲಹೆ ನೀಡಿದರು. ತಾಲೂಕಿನ ಕುರುಬೂರು ಗ್ರಾಮದ ಪಿಎಂಶ್ರೀ ಉನ್ನತೀಕರಿಸಿದ ಸರ್ಕಾರಿ ಹಿರಿಯ ಪ್ರಾಥಮಿಕ ಶಾಲೆಯಲ್ಲಿ ವಿಜ್ಞಾನ ಪ್ರದರ್ಶನ ಉದ್ಘಾಟಿಸಿ ಮಾತನಾಡಿದರು. ಇತ್ತೀಚಿನ ದಿನಗಳಲ್ಲಿ ಮಾನವೀಯ ಮೌಲ್ಯಗಳು ನಶಿಸುತ್ತಿದ್ದು ದುರಾಸೆ, ಸ್ವಾರ್ಥ ಹೆಚ್ಚಾಗಿ ಸಮಾಜದ ಸ್ವಾಸ್ಥ್ಯ ಹಾಳಾಗುತ್ತಿದೆ. ಜನರು ತೃಪ್ತಿ ಮತ್ತು ಮಾನವೀಯತೆ ಎಂಬ ಎರಡು ಮೌಲ್ಯಗಳನ್ನು ಅಳವಡಿಸಿಕೊಂಡರೆ ಸಮಾಜದ ಸ್ವಾಸ್ಥ್ಯ ಕಾಪಾಡಬಹುದು. ಶೈಕ್ಷಣಿಕ ಹಂತದಲ್ಲೇ ಮಕ್ಕಳಿಗೆ ಮಾನವೀಯ ಮೌಲ್ಯಗಳನ್ನು ಕಲಿಸಬೇಕು. ವಿಜ್ಞಾನ ಪ್ರದರ್ಶನದಲ್ಲಿ ಮಕ್ಕಳು ತಯಾರಿಸಿದ ಮಾದರಿಗಳನ್ನು ವೀಕ್ಷಿಸಿ ಶ್ಲಾಘನೆ ವ್ಯಕ್ತಪಡಿಸಿದರು. ಶಿಕ್ಷಕರು, ಪೋಷಕರು, ಗ್ರಾಮಸ್ಥರು ಉಪಸ್ಥಿತರಿದ್ದರು.
ಜೀವಿಕ ಸಂಘಟನೆಯ ಉಮೇಶ್ ನೂರಲಕುಪ್ಪೆ ಸಲಹೆ
ಮೊಬೈಲ್ ಗೀಳಿನಿಂದ ವಿದ್ಯಾರ್ಥಿಗಳು ಹೊರ ಬರಬೇಕು
ಎಚ್.ಡಿ.ಕೋಟೆ: ಗುಣಮಟ್ಟದ ಶಿಕ್ಷಣವನ್ನು ಪಡೆಯಬೇಕೆಂದರೆ ಮೊಬೈಲ್ ಗೀಳಿನಿಂದ ವಿದ್ಯಾರ್ಥಿಗಳು ಹೊರ ಬರಬೇಕು ಎಂದು ಜೀವಿಕ ಸಂಘಟನೆಯ ಉಮೇಶ್ ನೂರಲಕುಪ್ಪೆ ಸಲಹೆ ನೀಡಿದರು. ಗ್ರಾ.ಪಂ.ವತಿಯಿಂದ ತಾಲೂಕಿನ ಸರಗೂರು ಗ್ರಾಮದ ಸರ್ಕಾರಿ ಪ್ರೌಢಶಾಲೆಯಲ್ಲಿ ಆಯೋಜಿಸಿದ್ದ ಕಾರ್ಯಕ್ರಮದಲ್ಲಿ ಮಾತನಾಡಿದರು. ಇಂದಿನ ದಿನಗಳಲ್ಲಿ ತಂತ್ರಜ್ಞಾನ ಬೆಳೆದಂತೆ ಮಕ್ಕಳು ಮೊಬೈಲ್ ಬಳಕೆಗೆ ಹೆಚ್ಚು ಅವಲಂಬಿತರಾಗಿದ್ದಾರೆ. ಇದರಿಂದ ಓದಿನ ಕಡೆ ಗಮನ ಕಡಿಮೆಯಾಗುತ್ತಿದೆ. ಪೋಷಕರು ಮಕ್ಕಳ ಮೇಲೆ ನಿಗಾ ವಹಿಸಬೇಕು. ಶಿಕ್ಷಕರು ಮಕ್ಕಳಿಗೆ ಮಾರ್ಗದರ್ಶನ ನೀಡಬೇಕು. ಗ್ರಾ.ಪಂ.ಅಧ್ಯಕ್ಷ, ಉಪಾಧ್ಯಕ್ಷರು, ಸದಸ್ಯರು, ಮುಖ್ಯ ಶಿಕ್ಷಕರು ಹಾಗೂ ವಿದ್ಯಾರ್ಥಿಗಳು ಉಪಸ್ಥಿತರಿದ್ದರು.
ಎಚ್.ಡಿ.ಕೋಟೆ: ಗುಣಮಟ್ಟದ ಶಿಕ್ಷಣವನ್ನು ಪಡೆಯಬೇಕೆಂದರೆ ಮೊಬೈಲ್ ಗೀಳಿನಿಂದ ವಿದ್ಯಾರ್ಥಿಗಳು ಹೊರ ಬರಬೇಕು ಎಂದು ಜೀವಿಕ ಸಂಘಟನೆಯ ಉಮೇಶ್ ನೂರಲಕುಪ್ಪೆ ಸಲಹೆ ನೀಡಿದರು. ಗ್ರಾ.ಪಂ.ವತಿಯಿಂದ ತಾಲೂಕಿನ ಸರಗೂರು ಗ್ರಾಮದ ಸರ್ಕಾರಿ ಪ್ರೌಢಶಾಲೆಯಲ್ಲಿ ಆಯೋಜಿಸಿದ್ದ ಕಾರ್ಯಕ್ರಮದಲ್ಲಿ ಮಾತನಾಡಿದರು. ಇಂದಿನ ದಿನಗಳಲ್ಲಿ ತಂತ್ರಜ್ಞಾನ ಬೆಳೆದಂತೆ ಮಕ್ಕಳು ಮೊಬೈಲ್ ಬಳಕೆಗೆ ಹೆಚ್ಚು ಅವಲಂಬಿತರಾಗಿದ್ದಾರೆ. ಇದರಿಂದ ಓದಿನ ಕಡೆ ಗಮನ ಕಡಿಮೆಯಾಗುತ್ತಿದೆ. ಪೋಷಕರು ಮಕ್ಕಳ ಮೇಲೆ ನಿಗಾ ವಹಿಸಬೇಕು. ಶಿಕ್ಷಕರು ಮಕ್ಕಳಿಗೆ ಮಾರ್ಗದರ್ಶನ ನೀಡಬೇಕು. ಗ್ರಾ.ಪಂ.ಅಧ್ಯಕ್ಷ, ಉಪಾಧ್ಯಕ್ಷರು, ಸದಸ್ಯರು, ಮುಖ್ಯ ಶಿಕ್ಷಕರು ಹಾಗೂ ವಿದ್ಯಾರ್ಥಿಗಳು ಉಪಸ್ಥಿತರಿದ್ದರು.
